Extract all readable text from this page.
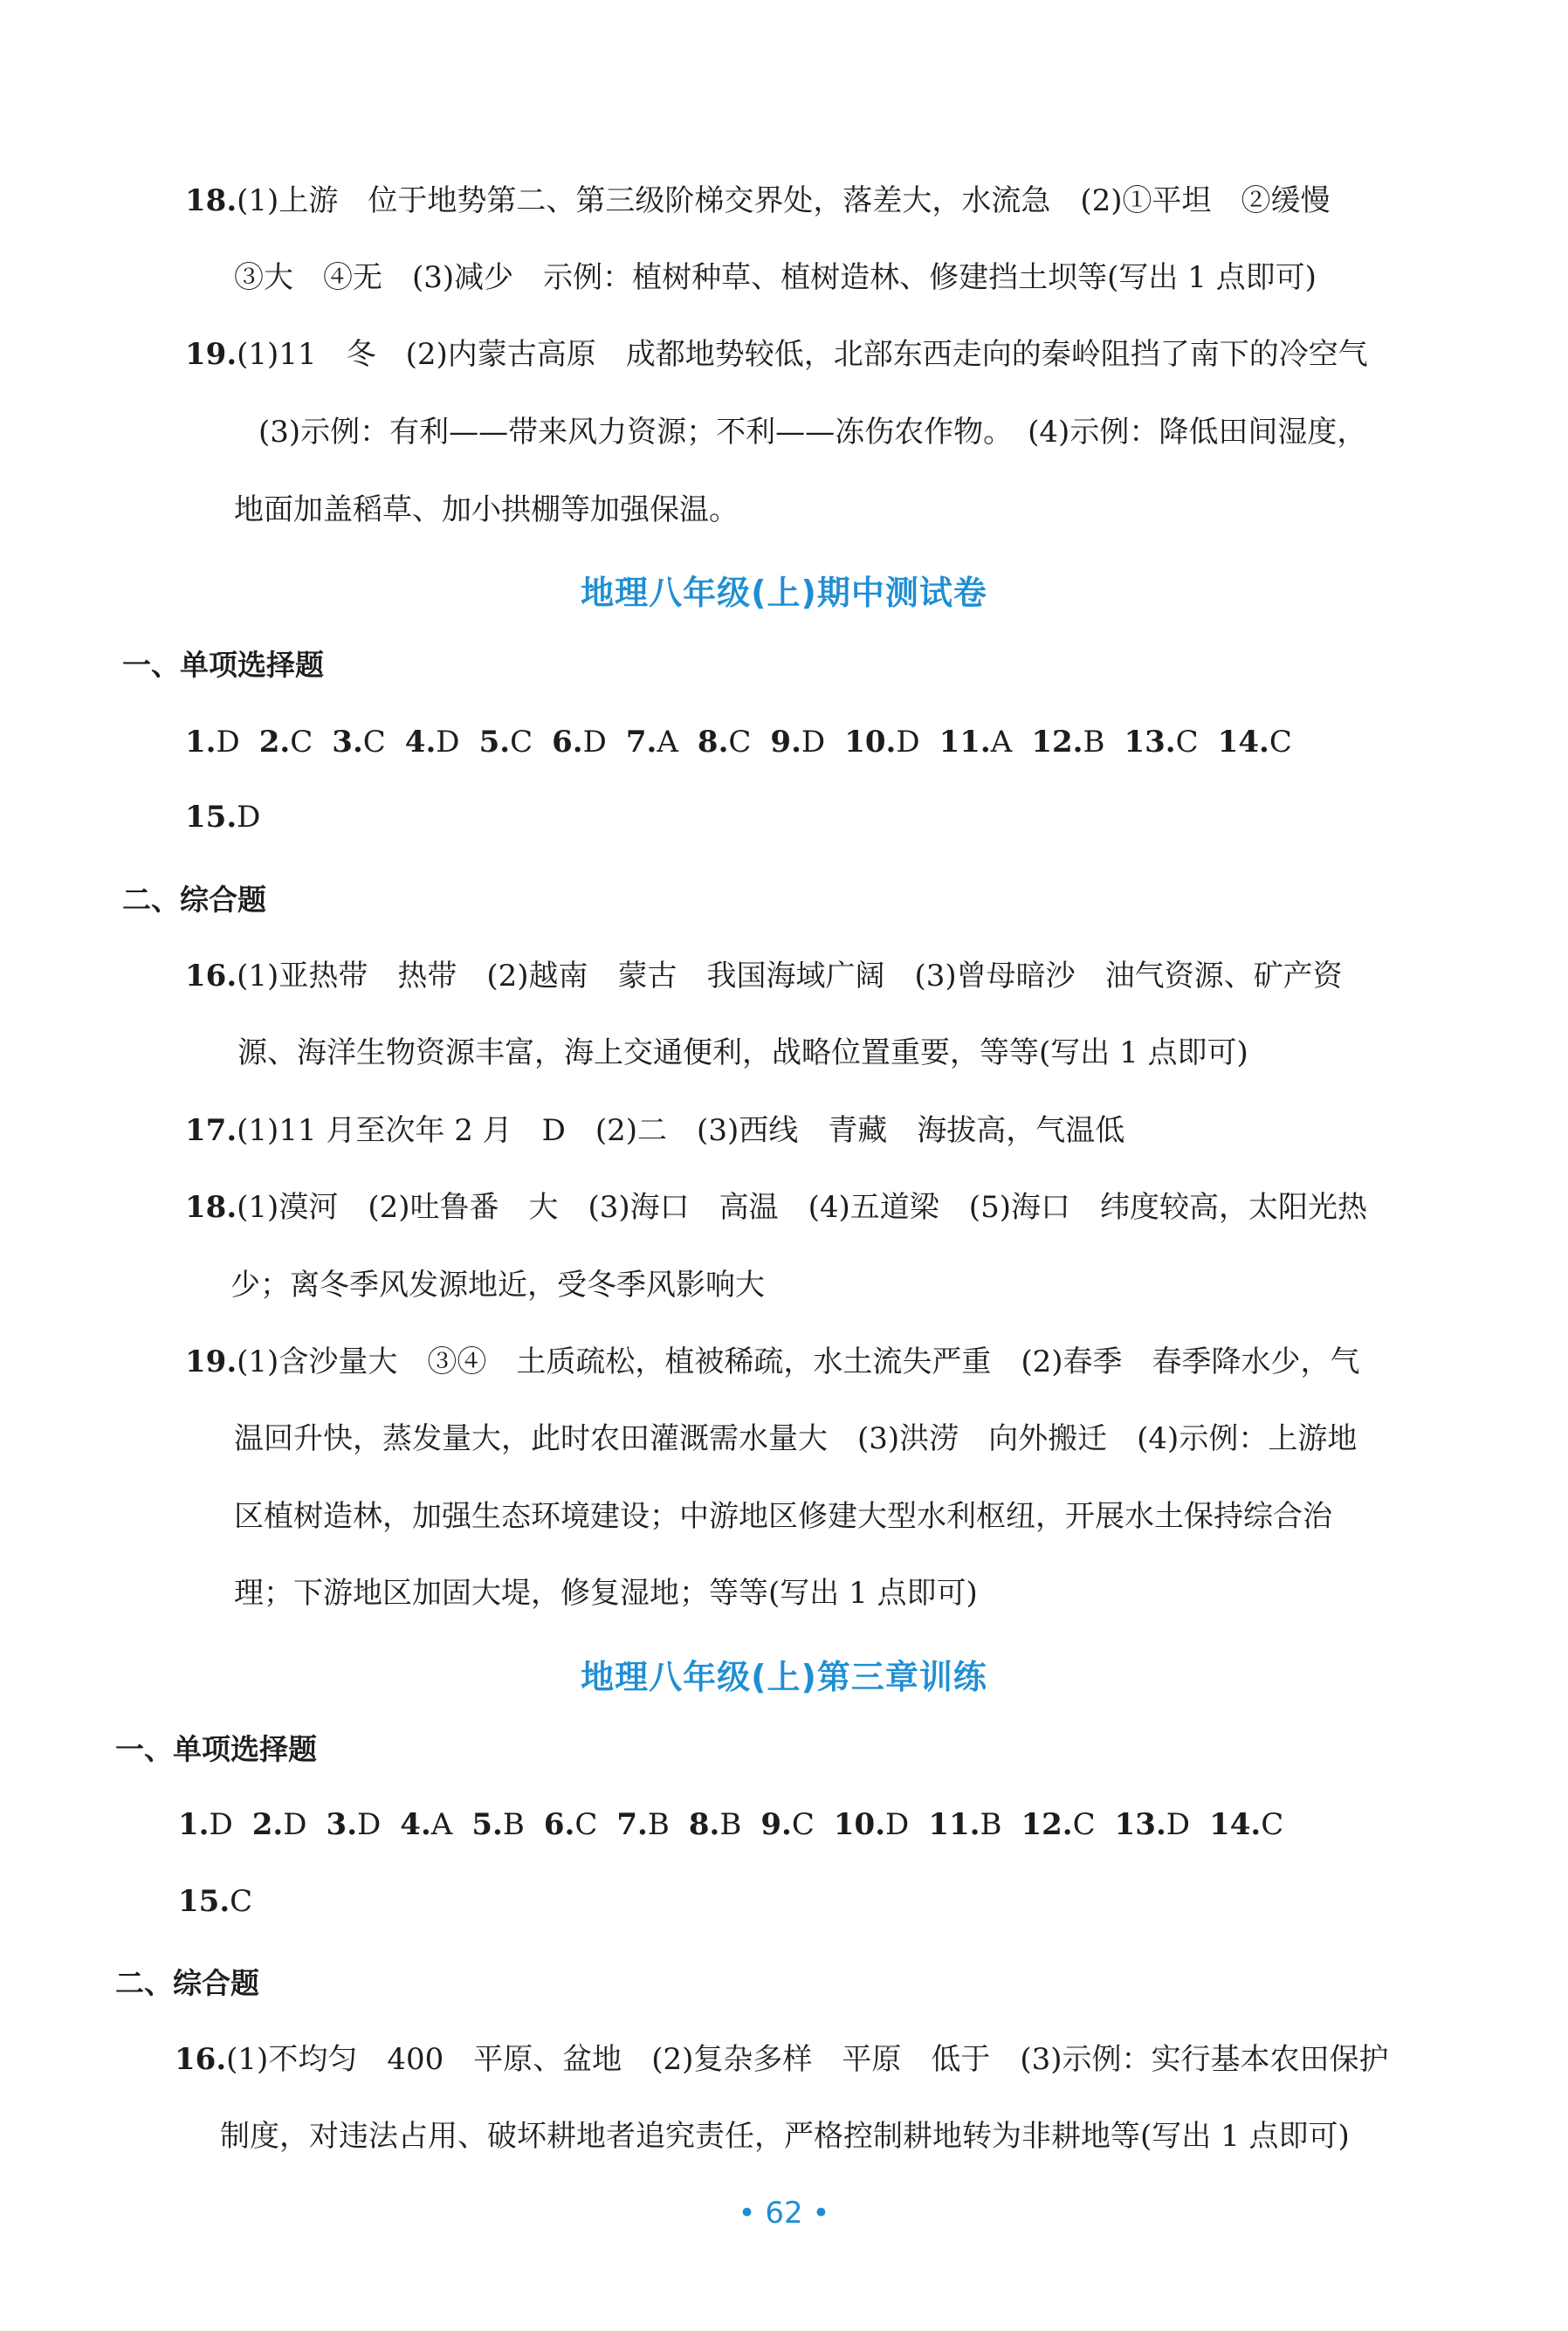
18.(1)上游　位于地势第二、第三级阶梯交界处，落差大，水流急　(2)①平坦　②缓慢
③大　④无　(3)减少　示例：植树种草、植树造林、修建挡土坝等(写出 1 点即可)
19.(1)11　冬　(2)内蒙古高原　成都地势较低，北部东西走向的秦岭阻挡了南下的冷空气
(3)示例：有利——带来风力资源；不利——冻伤农作物。　(4)示例：降低田间湿度，
地面加盖稻草、加小拱棚等加强保温。
地理八年级(上)期中测试卷
一、单项选择题
1.D 2.C 3.C 4.D 5.C 6.D 7.A 8.C 9.D 10.D 11.A 12.B 13.C 14.C
15.D
二、综合题
16.(1)亚热带　热带　(2)越南　蒙古　我国海域广阔　(3)曾母暗沙　油气资源、矿产资
源、海洋生物资源丰富，海上交通便利，战略位置重要，等等(写出 1 点即可)
17.(1)11 月至次年 2 月　D　(2)二　(3)西线　青藏　海拔高，气温低
18.(1)漠河　(2)吐鲁番　大　(3)海口　高温　(4)五道梁　(5)海口　纬度较高，太阳光热
少；离冬季风发源地近，受冬季风影响大
19.(1)含沙量大　③④　土质疏松，植被稀疏，水土流失严重　(2)春季　春季降水少，气
温回升快，蒸发量大，此时农田灌溉需水量大　(3)洪涝　向外搬迁　(4)示例：上游地
区植树造林，加强生态环境建设；中游地区修建大型水利枢纽，开展水土保持综合治
理；下游地区加固大堤，修复湿地；等等(写出 1 点即可)
地理八年级(上)第三章训练
一、单项选择题
1.D 2.D 3.D 4.A 5.B 6.C 7.B 8.B 9.C 10.D 11.B 12.C 13.D 14.C
15.C
二、综合题
16.(1)不均匀　400　平原、盆地　(2)复杂多样　平原　低于　(3)示例：实行基本农田保护
制度，对违法占用、破坏耕地者追究责任，严格控制耕地转为非耕地等(写出 1 点即可)
• 62 •
